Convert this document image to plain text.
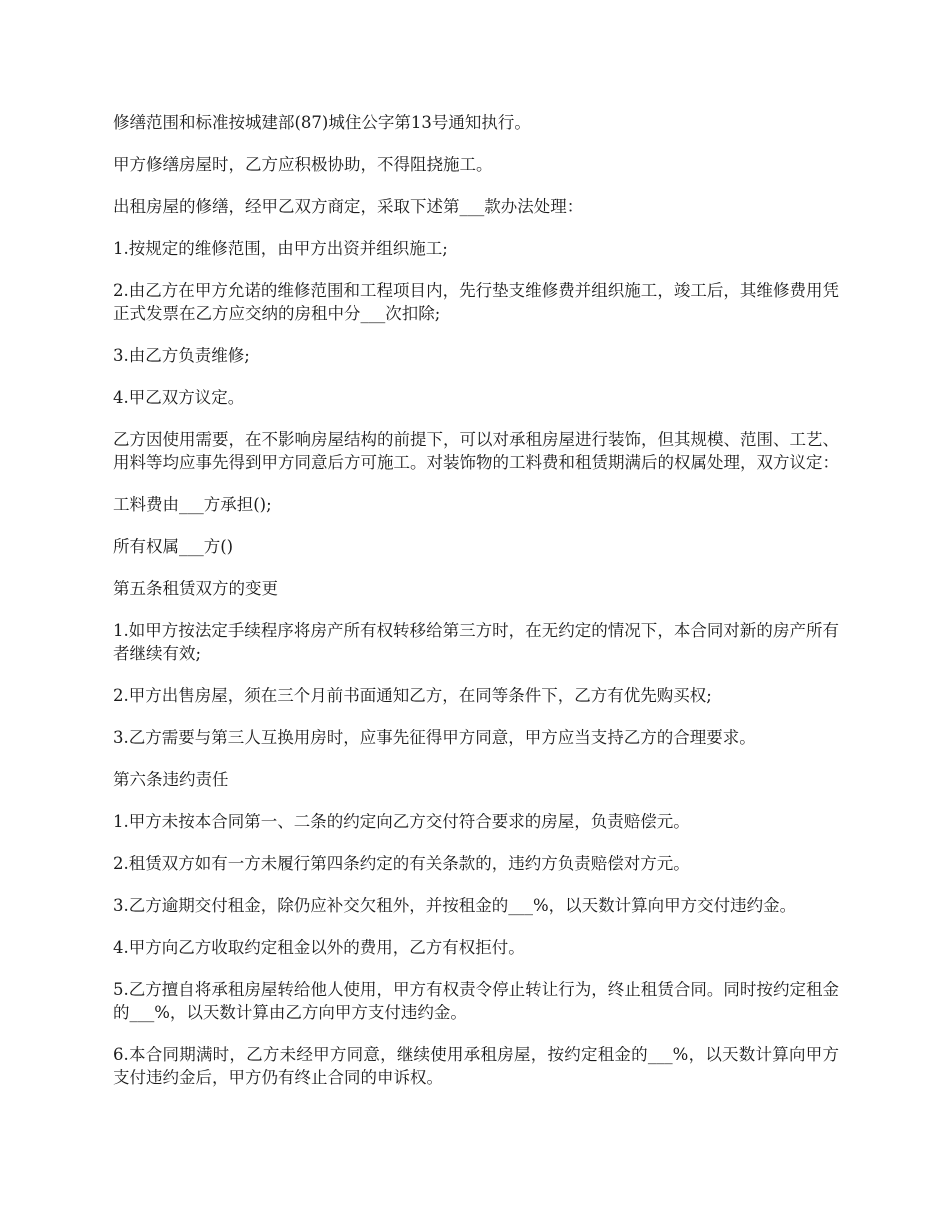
修缮范围和标准按城建部(87)城住公字第13号通知执行。

甲方修缮房屋时，乙方应积极协助，不得阻挠施工。

出租房屋的修缮，经甲乙双方商定，采取下述第___款办法处理：

1.按规定的维修范围，由甲方出资并组织施工;

2.由乙方在甲方允诺的维修范围和工程项目内，先行垫支维修费并组织施工，竣工后，其维修费用凭正式发票在乙方应交纳的房租中分___次扣除;

3.由乙方负责维修;

4.甲乙双方议定。

乙方因使用需要，在不影响房屋结构的前提下，可以对承租房屋进行装饰，但其规模、范围、工艺、用料等均应事先得到甲方同意后方可施工。对装饰物的工料费和租赁期满后的权属处理，双方议定：

工料费由___方承担();

所有权属___方()

第五条租赁双方的变更

1.如甲方按法定手续程序将房产所有权转移给第三方时，在无约定的情况下，本合同对新的房产所有者继续有效;

2.甲方出售房屋，须在三个月前书面通知乙方，在同等条件下，乙方有优先购买权;

3.乙方需要与第三人互换用房时，应事先征得甲方同意，甲方应当支持乙方的合理要求。

第六条违约责任

1.甲方未按本合同第一、二条的约定向乙方交付符合要求的房屋，负责赔偿元。

2.租赁双方如有一方未履行第四条约定的有关条款的，违约方负责赔偿对方元。

3.乙方逾期交付租金，除仍应补交欠租外，并按租金的___%，以天数计算向甲方交付违约金。

4.甲方向乙方收取约定租金以外的费用，乙方有权拒付。

5.乙方擅自将承租房屋转给他人使用，甲方有权责令停止转让行为，终止租赁合同。同时按约定租金的___%，以天数计算由乙方向甲方支付违约金。

6.本合同期满时，乙方未经甲方同意，继续使用承租房屋，按约定租金的___%，以天数计算向甲方支付违约金后，甲方仍有终止合同的申诉权。
